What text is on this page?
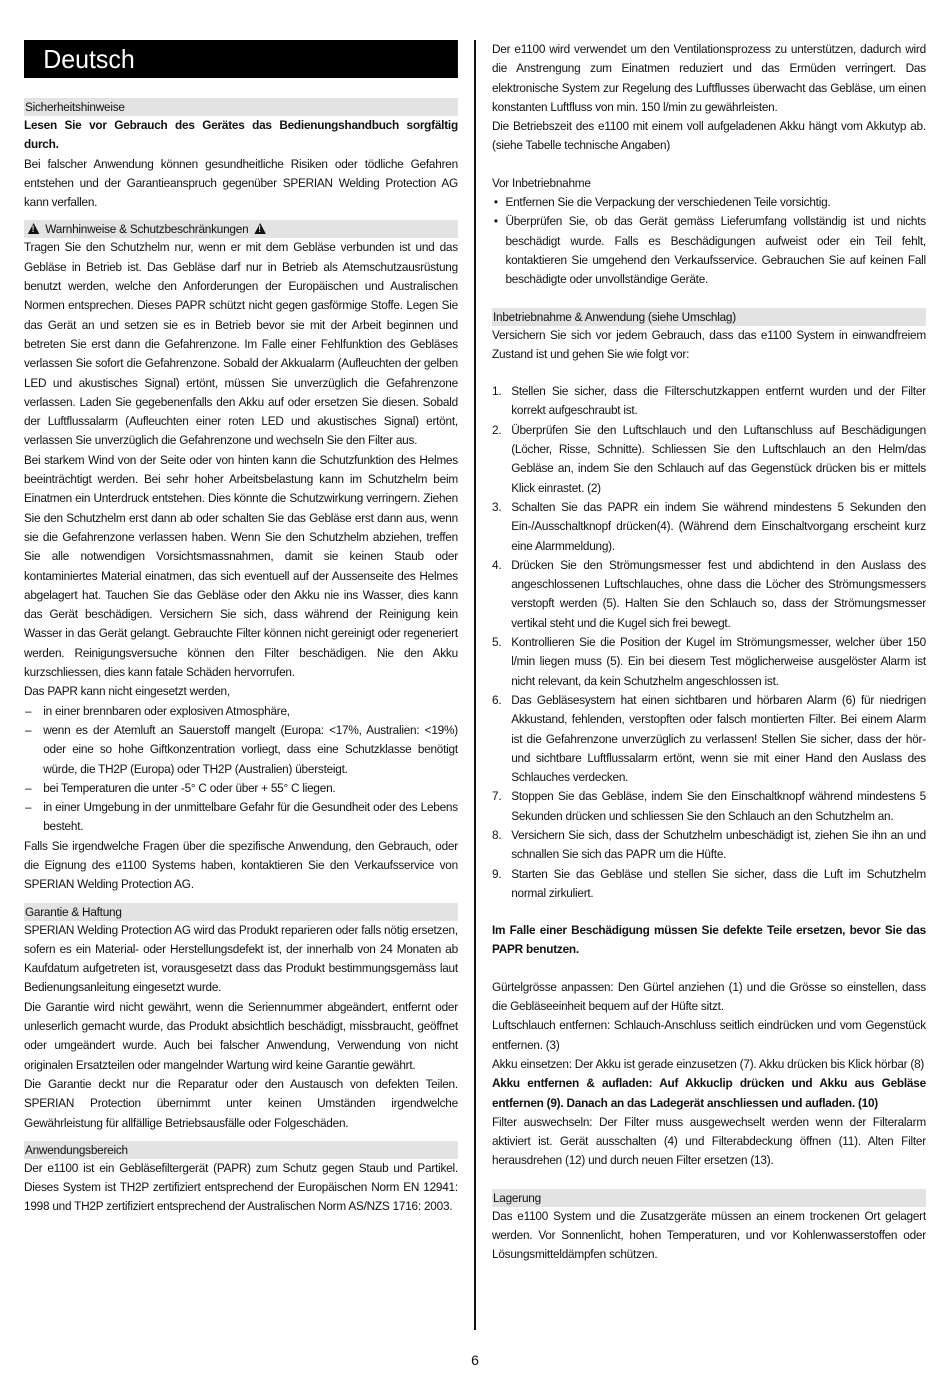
Deutsch
Sicherheitshinweise

Lesen Sie vor Gebrauch des Gerätes das Bedienungshandbuch sorgfältig durch.

Bei falscher Anwendung können gesundheitliche Risiken oder tödliche Gefahren entstehen und der Garantieanspruch gegenüber SPERIAN Welding Protection AG kann verfallen.

! Warnhinweise & Schutzbeschränkungen !

Tragen Sie den Schutzhelm nur, wenn er mit dem Gebläse verbunden ist und das Gebläse in Betrieb ist. Das Gebläse darf nur in Betrieb als Atemschutzausrüstung benutzt werden, welche den Anforderungen der Europäischen und Australischen Normen entsprechen. Dieses PAPR schützt nicht gegen gasförmige Stoffe. Legen Sie das Gerät an und setzen sie es in Betrieb bevor sie mit der Arbeit beginnen und betreten Sie erst dann die Gefahrenzone. Im Falle einer Fehlfunktion des Gebläses verlassen Sie sofort die Gefahrenzone. Sobald der Akkualarm (Aufleuchten der gelben LED und akustisches Signal) ertönt, müssen Sie unverzüglich die Gefahrenzone verlassen. Laden Sie gegebenenfalls den Akku auf oder ersetzen Sie diesen. Sobald der Luftflussalarm (Aufleuchten einer roten LED und akustisches Signal) ertönt, verlassen Sie unverzüglich die Gefahrenzone und wechseln Sie den Filter aus.

Bei starkem Wind von der Seite oder von hinten kann die Schutzfunktion des Helmes beeinträchtigt werden. Bei sehr hoher Arbeitsbelastung kann im Schutzhelm beim Einatmen ein Unterdruck entstehen. Dies könnte die Schutzwirkung verringern. Ziehen Sie den Schutzhelm erst dann ab oder schalten Sie das Gebläse erst dann aus, wenn sie die Gefahrenzone verlassen haben. Wenn Sie den Schutzhelm abziehen, treffen Sie alle notwendigen Vorsichtsmassnahmen, damit sie keinen Staub oder kontaminiertes Material einatmen, das sich eventuell auf der Aussenseite des Helmes abgelagert hat. Tauchen Sie das Gebläse oder den Akku nie ins Wasser, dies kann das Gerät beschädigen. Versichern Sie sich, dass während der Reinigung kein Wasser in das Gerät gelangt. Gebrauchte Filter können nicht gereinigt oder regeneriert werden. Reinigungsversuche können den Filter beschädigen. Nie den Akku kurzschliessen, dies kann fatale Schäden hervorrufen.

Das PAPR kann nicht eingesetzt werden,

– in einer brennbaren oder explosiven Atmosphäre,
– wenn es der Atemluft an Sauerstoff mangelt (Europa: <17%, Australien: <19%) oder eine so hohe Giftkonzentration vorliegt, dass eine Schutzklasse benötigt würde, die TH2P (Europa) oder TH2P (Australien) übersteigt.
– bei Temperaturen die unter -5° C oder über + 55° C liegen.
– in einer Umgebung in der unmittelbare Gefahr für die Gesundheit oder des Lebens besteht.

Falls Sie irgendwelche Fragen über die spezifische Anwendung, den Gebrauch, oder die Eignung des e1100 Systems haben, kontaktieren Sie den Verkaufsservice von SPERIAN Welding Protection AG.

Garantie & Haftung

SPERIAN Welding Protection AG wird das Produkt reparieren oder falls nötig ersetzen, sofern es ein Material- oder Herstellungsdefekt ist, der innerhalb von 24 Monaten ab Kaufdatum aufgetreten ist, vorausgesetzt dass das Produkt bestimmungsgemäss laut Bedienungsanleitung eingesetzt wurde.

Die Garantie wird nicht gewährt, wenn die Seriennummer abgeändert, entfernt oder unleserlich gemacht wurde, das Produkt absichtlich beschädigt, missbraucht, geöffnet oder umgeändert wurde. Auch bei falscher Anwendung, Verwendung von nicht originalen Ersatzteilen oder mangelnder Wartung wird keine Garantie gewährt.

Die Garantie deckt nur die Reparatur oder den Austausch von defekten Teilen. SPERIAN Protection übernimmt unter keinen Umständen irgendwelche Gewährleistung für allfällige Betriebsausfälle oder Folgeschäden.

Anwendungsbereich

Der e1100 ist ein Gebläsefiltergerät (PAPR) zum Schutz gegen Staub und Partikel. Dieses System ist TH2P zertifiziert entsprechend der Europäischen Norm EN 12941: 1998 und TH2P zertifiziert entsprechend der Australischen Norm AS/NZS 1716: 2003.

Der e1100 wird verwendet um den Ventilationsprozess zu unterstützen, dadurch wird die Anstrengung zum Einatmen reduziert und das Ermüden verringert. Das elektronische System zur Regelung des Luftflusses überwacht das Gebläse, um einen konstanten Luftfluss von min. 150 l/min zu gewährleisten.

Die Betriebszeit des e1100 mit einem voll aufgeladenen Akku hängt vom Akkutyp ab. (siehe Tabelle technische Angaben)

Vor Inbetriebnahme

• Entfernen Sie die Verpackung der verschiedenen Teile vorsichtig.
• Überprüfen Sie, ob das Gerät gemäss Lieferumfang vollständig ist und nichts beschädigt wurde. Falls es Beschädigungen aufweist oder ein Teil fehlt, kontaktieren Sie umgehend den Verkaufsservice. Gebrauchen Sie auf keinen Fall beschädigte oder unvollständige Geräte.
Inbetriebnahme & Anwendung (siehe Umschlag)

Versichern Sie sich vor jedem Gebrauch, dass das e1100 System in einwandfreiem Zustand ist und gehen Sie wie folgt vor:

1. Stellen Sie sicher, dass die Filterschutzkappen entfernt wurden und der Filter korrekt aufgeschraubt ist.
2. Überprüfen Sie den Luftschlauch und den Luftanschluss auf Beschädigungen (Löcher, Risse, Schnitte). Schliessen Sie den Luftschlauch an den Helm/das Gebläse an, indem Sie den Schlauch auf das Gegenstück drücken bis er mittels Klick einrastet. (2)
3. Schalten Sie das PAPR ein indem Sie während mindestens 5 Sekunden den Ein-/Ausschaltknopf drücken(4). (Während dem Einschaltvorgang erscheint kurz eine Alarmmeldung).
4. Drücken Sie den Strömungsmesser fest und abdichtend in den Auslass des angeschlossenen Luftschlauches, ohne dass die Löcher des Strömungsmessers verstopft werden (5). Halten Sie den Schlauch so, dass der Strömungsmesser vertikal steht und die Kugel sich frei bewegt.
5. Kontrollieren Sie die Position der Kugel im Strömungsmesser, welcher über 150 l/min liegen muss (5). Ein bei diesem Test möglicherweise ausgelöster Alarm ist nicht relevant, da kein Schutzhelm angeschlossen ist.
6. Das Gebläsesystem hat einen sichtbaren und hörbaren Alarm (6) für niedrigen Akkustand, fehlenden, verstopften oder falsch montierten Filter. Bei einem Alarm ist die Gefahrenzone unverzüglich zu verlassen! Stellen Sie sicher, dass der hör- und sichtbare Luftflussalarm ertönt, wenn sie mit einer Hand den Auslass des Schlauches verdecken.
7. Stoppen Sie das Gebläse, indem Sie den Einschaltknopf während mindestens 5 Sekunden drücken und schliessen Sie den Schlauch an den Schutzhelm an.
8. Versichern Sie sich, dass der Schutzhelm unbeschädigt ist, ziehen Sie ihn an und schnallen Sie sich das PAPR um die Hüfte.
9. Starten Sie das Gebläse und stellen Sie sicher, dass die Luft im Schutzhelm normal zirkuliert.

Im Falle einer Beschädigung müssen Sie defekte Teile ersetzen, bevor Sie das PAPR benutzen.

Gürtelgrösse anpassen: Den Gürtel anziehen (1) und die Grösse so einstellen, dass die Gebläseeinheit bequem auf der Hüfte sitzt.

Luftschlauch entfernen: Schlauch-Anschluss seitlich eindrücken und vom Gegenstück entfernen. (3)

Akku einsetzen: Der Akku ist gerade einzusetzen (7). Akku drücken bis Klick hörbar (8)

Akku entfernen & aufladen: Auf Akkuclip drücken und Akku aus Gebläse entfernen (9). Danach an das Ladegerät anschliessen und aufladen. (10)

Filter auswechseln: Der Filter muss ausgewechselt werden wenn der Filteralarm aktiviert ist. Gerät ausschalten (4) und Filterabdeckung öffnen (11). Alten Filter herausdrehen (12) und durch neuen Filter ersetzen (13).

Lagerung

Das e1100 System und die Zusatzgeräte müssen an einem trockenen Ort gelagert werden. Vor Sonnenlicht, hohen Temperaturen, und vor Kohlenwasserstoffen oder Lösungsmitteldämpfen schützen.

6
